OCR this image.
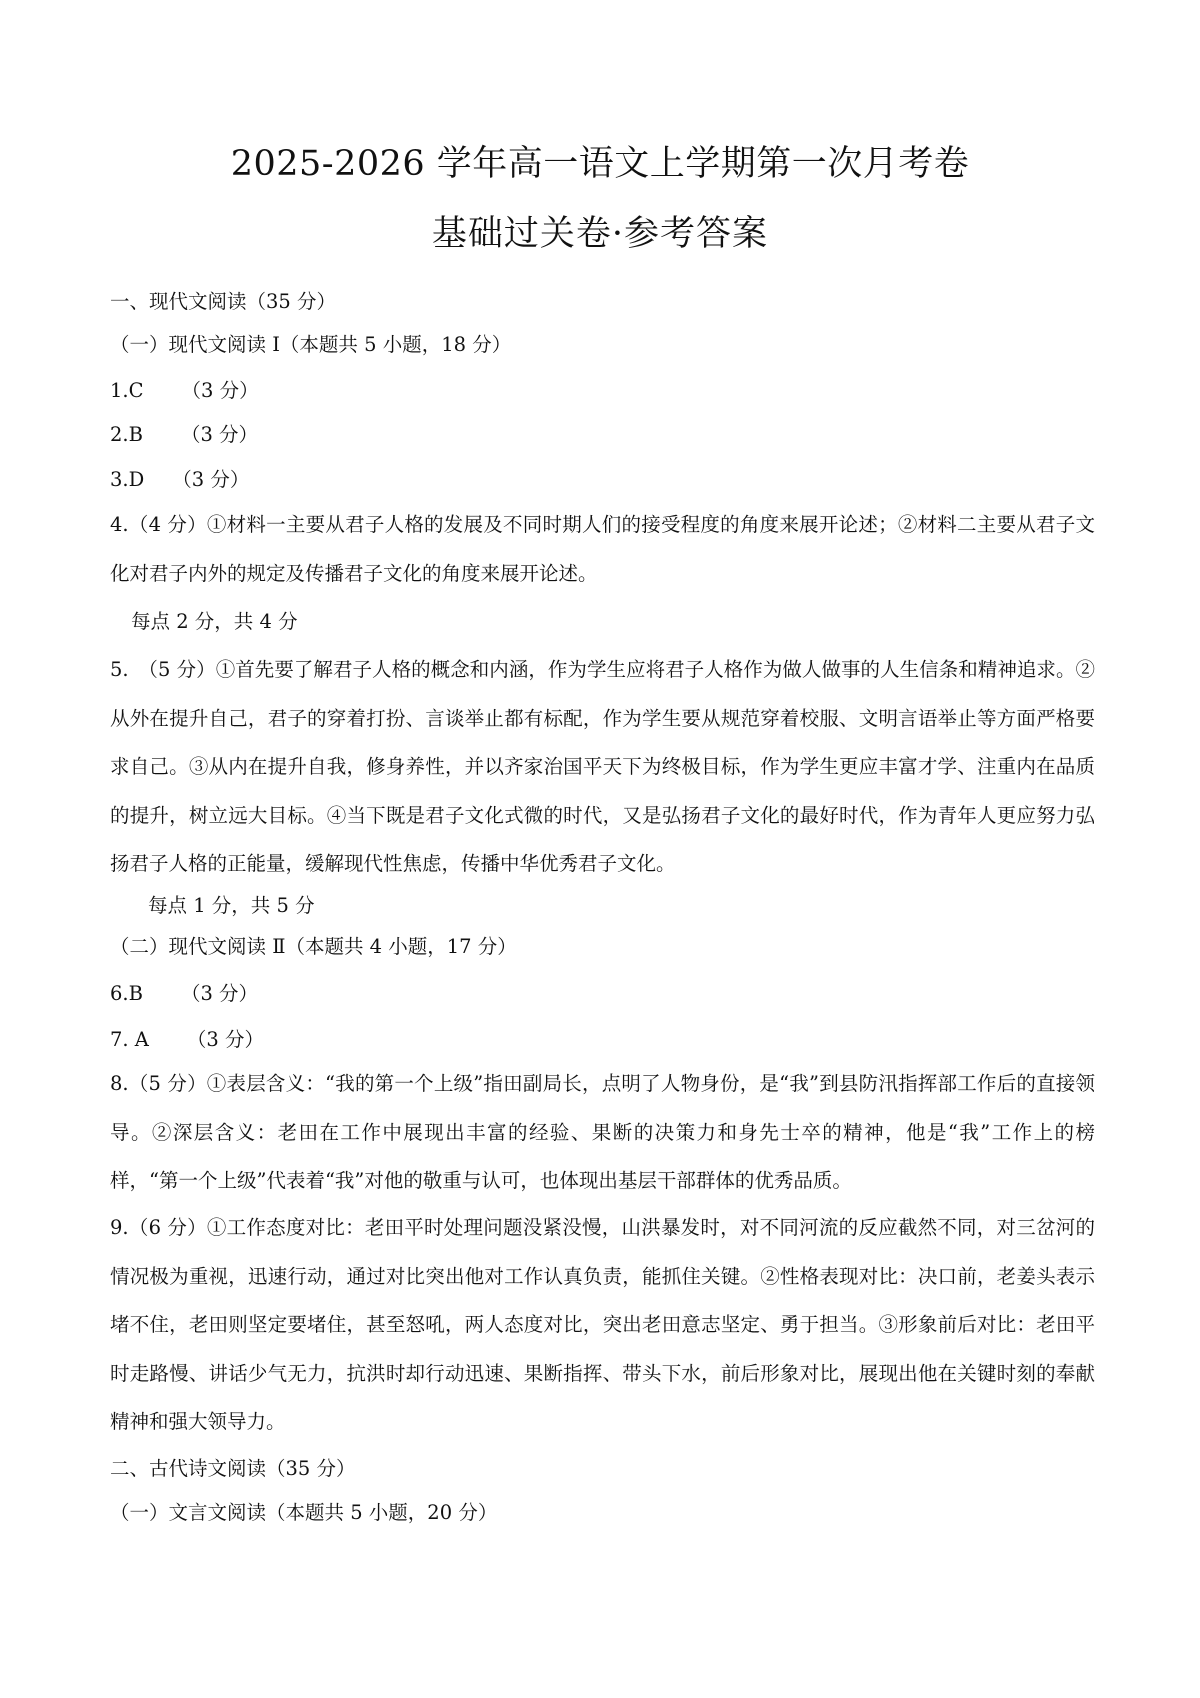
2025-2026 学年高一语文上学期第一次月考卷
基础过关卷·参考答案
一、现代文阅读（35 分）
（一）现代文阅读 Ⅰ（本题共 5 小题，18 分）
1.C （3 分）
2.B （3 分）
3.D （3 分）
4.（4 分）①材料一主要从君子人格的发展及不同时期人们的接受程度的角度来展开论述；②材料二主要从君子文化对君子内外的规定及传播君子文化的角度来展开论述。
每点 2 分，共 4 分
5.　（5 分）①首先要了解君子人格的概念和内涵，作为学生应将君子人格作为做人做事的人生信条和精神追求。②从外在提升自己，君子的穿着打扮、言谈举止都有标配，作为学生要从规范穿着校服、文明言语举止等方面严格要求自己。③从内在提升自我，修身养性，并以齐家治国平天下为终极目标，作为学生更应丰富才学、注重内在品质的提升，树立远大目标。④当下既是君子文化式微的时代，又是弘扬君子文化的最好时代，作为青年人更应努力弘扬君子人格的正能量，缓解现代性焦虑，传播中华优秀君子文化。
每点 1 分，共 5 分
（二）现代文阅读 Ⅱ（本题共 4 小题，17 分）
6.B （3 分）
7. A （3 分）
8.（5 分）①表层含义：“我的第一个上级”指田副局长，点明了人物身份，是“我”到县防汛指挥部工作后的直接领导。②深层含义：老田在工作中展现出丰富的经验、果断的决策力和身先士卒的精神，他是“我”工作上的榜样，“第一个上级”代表着“我”对他的敬重与认可，也体现出基层干部群体的优秀品质。
9.（6 分）①工作态度对比：老田平时处理问题没紧没慢，山洪暴发时，对不同河流的反应截然不同，对三岔河的情况极为重视，迅速行动，通过对比突出他对工作认真负责，能抓住关键。②性格表现对比：决口前，老姜头表示堵不住，老田则坚定要堵住，甚至怒吼，两人态度对比，突出老田意志坚定、勇于担当。③形象前后对比：老田平时走路慢、讲话少气无力，抗洪时却行动迅速、果断指挥、带头下水，前后形象对比，展现出他在关键时刻的奉献精神和强大领导力。
二、古代诗文阅读（35 分）
（一）文言文阅读（本题共 5 小题，20 分）
